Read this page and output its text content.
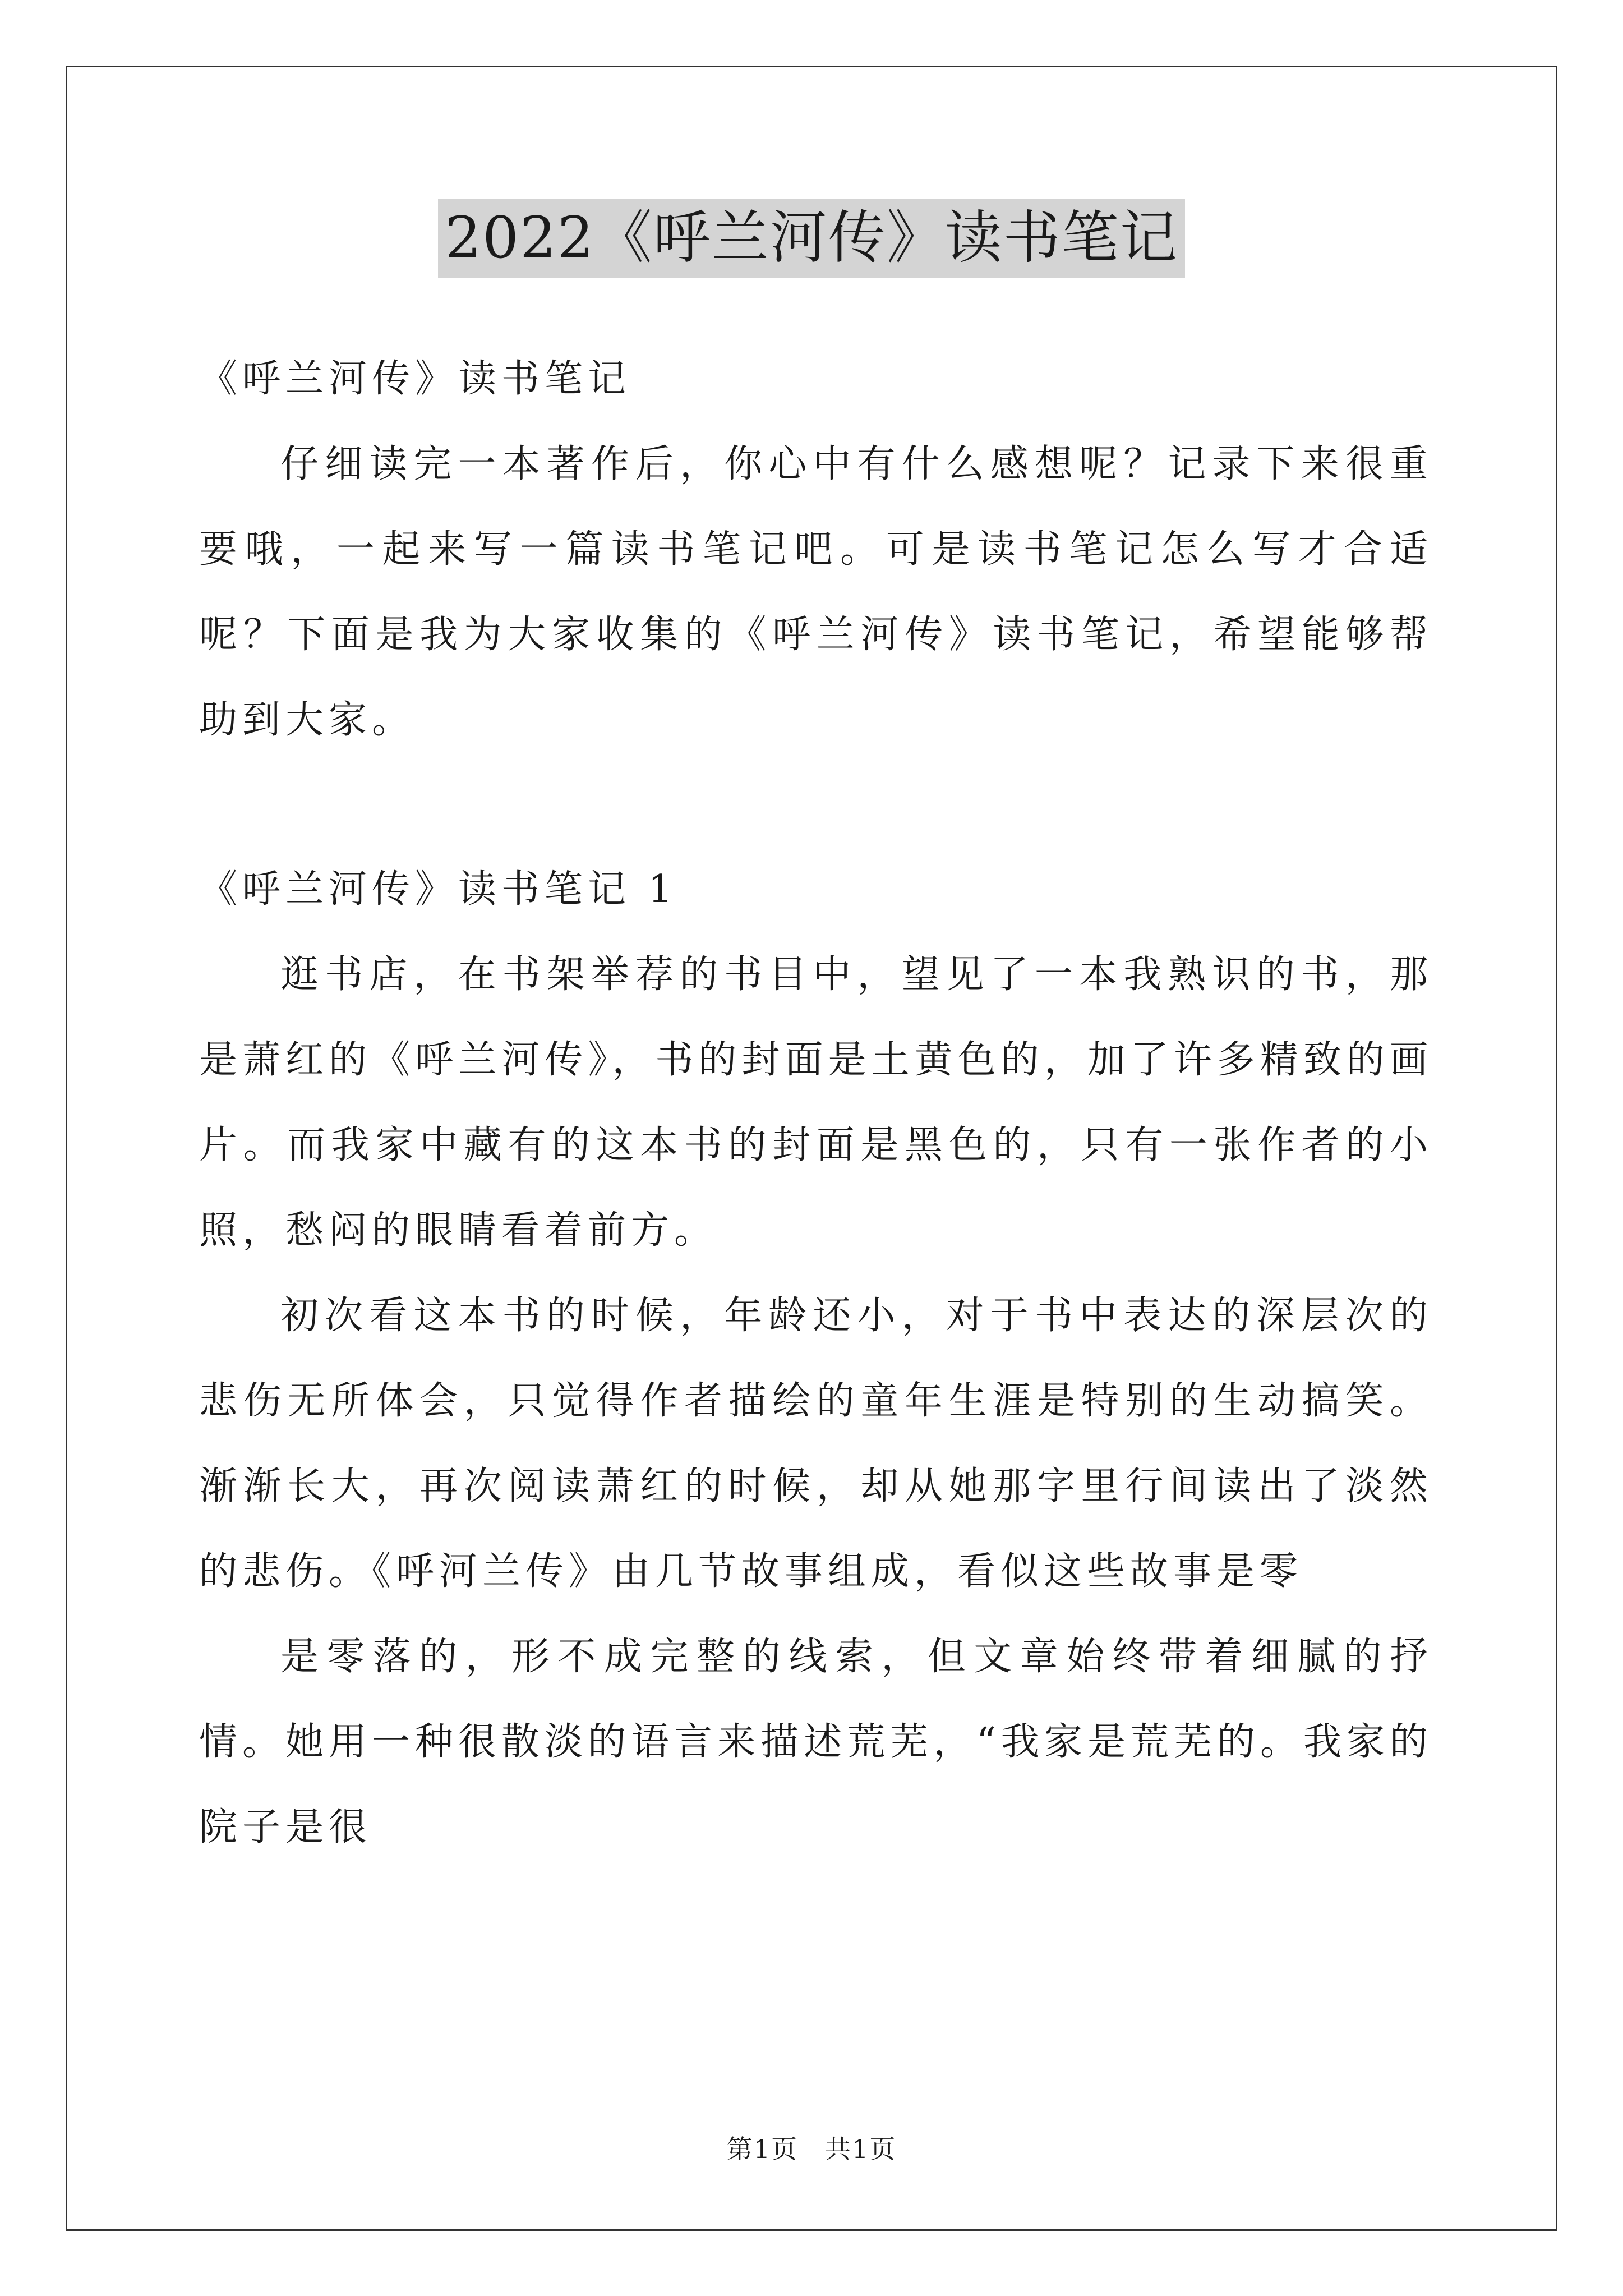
2022《呼兰河传》读书笔记

《呼兰河传》读书笔记

仔细读完一本著作后，你心中有什么感想呢？记录下来很重要哦，一起来写一篇读书笔记吧。可是读书笔记怎么写才合适呢？下面是我为大家收集的《呼兰河传》读书笔记，希望能够帮助到大家。

《呼兰河传》读书笔记 1

逛书店，在书架举荐的书目中，望见了一本我熟识的书，那是萧红的《呼兰河传》，书的封面是土黄色的，加了许多精致的画片。而我家中藏有的这本书的封面是黑色的，只有一张作者的小照，愁闷的眼睛看着前方。

初次看这本书的时候，年龄还小，对于书中表达的深层次的悲伤无所体会，只觉得作者描绘的童年生涯是特别的生动搞笑。渐渐长大，再次阅读萧红的时候，却从她那字里行间读出了淡然的悲伤。《呼河兰传》由几节故事组成，看似这些故事是零

是零落的，形不成完整的线索，但文章始终带着细腻的抒情。她用一种很散淡的语言来描述荒芜，“我家是荒芜的。我家的院子是很

第1页　共1页
